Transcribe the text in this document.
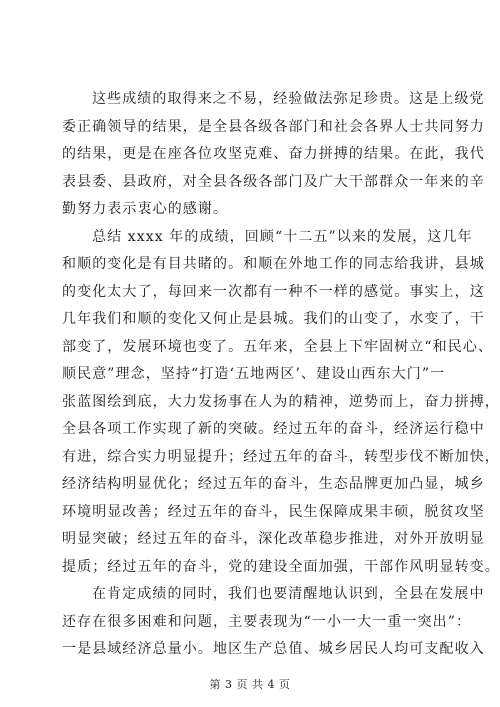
这些成绩的取得来之不易，经验做法弥足珍贵。这是上级党
委正确领导的结果，是全县各级各部门和社会各界人士共同努力
的结果，更是在座各位攻坚克难、奋力拼搏的结果。在此，我代
表县委、县政府，对全县各级各部门及广大干部群众一年来的辛
勤努力表示衷心的感谢。

总结 xxxx 年的成绩，回顾“十二五”以来的发展，这几年
和顺的变化是有目共睹的。和顺在外地工作的同志给我讲，县城
的变化太大了，每回来一次都有一种不一样的感觉。事实上，这
几年我们和顺的变化又何止是县城。我们的山变了，水变了，干
部变了，发展环境也变了。五年来，全县上下牢固树立“和民心、
顺民意”理念，坚持“打造‘五地两区’、建设山西东大门”一
张蓝图绘到底，大力发扬事在人为的精神，逆势而上，奋力拼搏，
全县各项工作实现了新的突破。经过五年的奋斗，经济运行稳中
有进，综合实力明显提升；经过五年的奋斗，转型步伐不断加快，
经济结构明显优化；经过五年的奋斗，生态品牌更加凸显，城乡
环境明显改善；经过五年的奋斗，民生保障成果丰硕，脱贫攻坚
明显突破；经过五年的奋斗，深化改革稳步推进，对外开放明显
提质；经过五年的奋斗，党的建设全面加强，干部作风明显转变。

在肯定成绩的同时，我们也要清醒地认识到，全县在发展中
还存在很多困难和问题，主要表现为“一小一大一重一突出”：
一是县域经济总量小。地区生产总值、城乡居民人均可支配收入

第 3 页 共 4 页
